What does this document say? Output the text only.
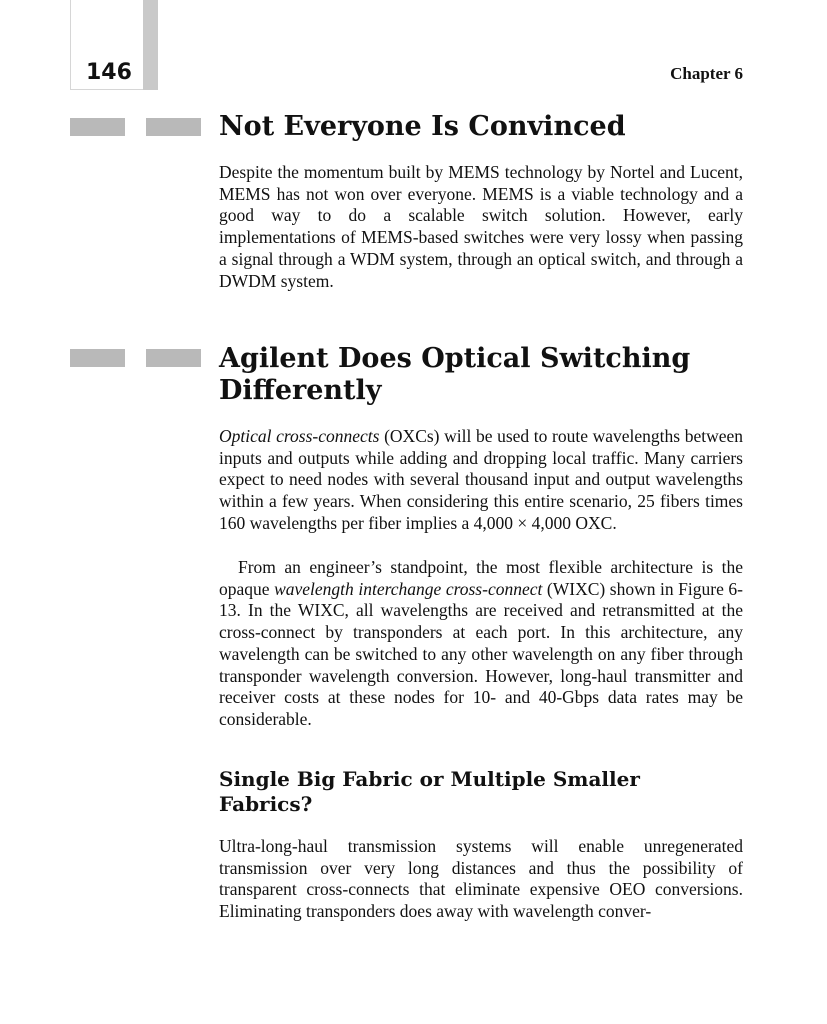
146	Chapter 6
Not Everyone Is Convinced

Despite the momentum built by MEMS technology by Nortel and Lucent, MEMS has not won over everyone. MEMS is a viable technology and a good way to do a scalable switch solution. However, early implementations of MEMS-based switches were very lossy when passing a signal through a WDM system, through an optical switch, and through a DWDM system.

Agilent Does Optical Switching Differently

Optical cross-connects (OXCs) will be used to route wavelengths between inputs and outputs while adding and dropping local traffic. Many carriers expect to need nodes with several thousand input and output wavelengths within a few years. When considering this entire scenario, 25 fibers times 160 wavelengths per fiber implies a 4,000 × 4,000 OXC.

From an engineer’s standpoint, the most flexible architecture is the opaque wavelength interchange cross-connect (WIXC) shown in Figure 6-13. In the WIXC, all wavelengths are received and retransmitted at the cross-connect by transponders at each port. In this architecture, any wavelength can be switched to any other wavelength on any fiber through transponder wavelength conversion. However, long-haul transmitter and receiver costs at these nodes for 10- and 40-Gbps data rates may be considerable.

Single Big Fabric or Multiple Smaller Fabrics?

Ultra-long-haul transmission systems will enable unregenerated transmission over very long distances and thus the possibility of transparent cross-connects that eliminate expensive OEO conversions. Eliminating transponders does away with wavelength conver-
